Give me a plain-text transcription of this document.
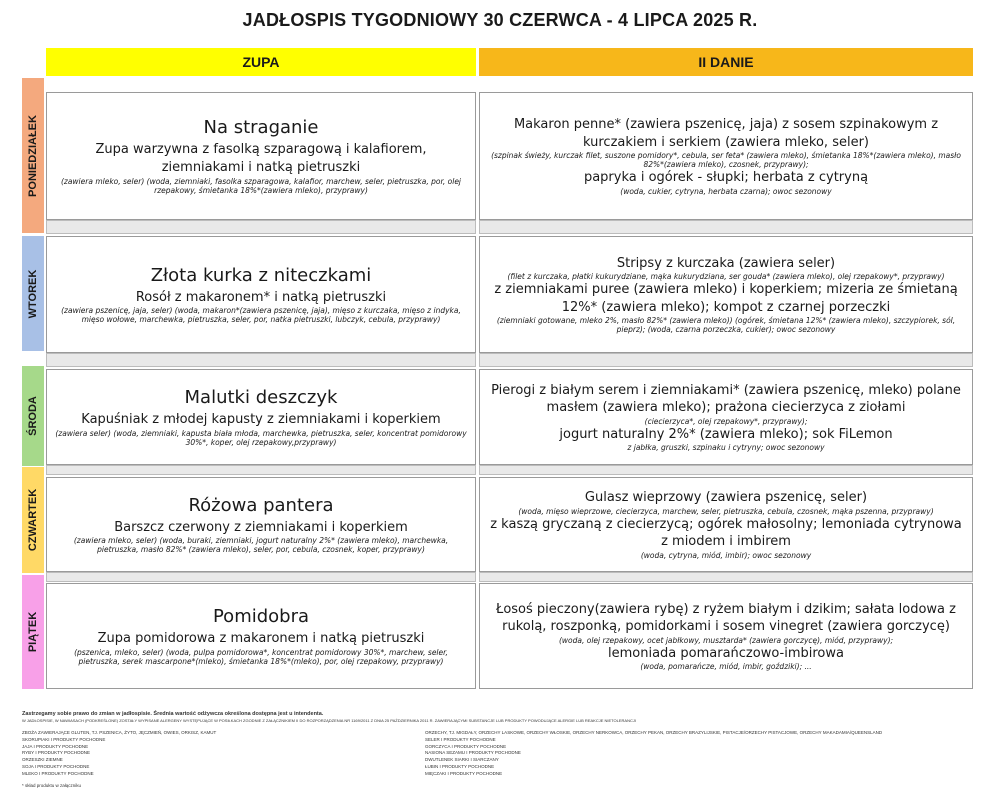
JADŁOSPIS TYGODNIOWY 30 CZERWCA - 4 LIPCA 2025 R.
ZUPA	II DANIE
PONIEDZIAŁEK
WTOREK
ŚRODA
CZWARTEK
PIĄTEK
Na straganie
Zupa warzywna z fasolką szparagową i kalafiorem, ziemniakami i natką pietruszki
(zawiera mleko, seler) (woda, ziemniaki, fasolka szparagowa, kalafior, marchew, seler, pietruszka, por, olej rzepakowy, śmietanka 18%*(zawiera mleko), przyprawy)
Makaron penne* (zawiera pszenicę, jaja) z sosem szpinakowym z kurczakiem i serkiem (zawiera mleko, seler)
(szpinak świeży, kurczak filet, suszone pomidory*, cebula, ser feta* (zawiera mleko), śmietanka 18%*(zawiera mleko), masło 82%*(zawiera mleko), czosnek, przyprawy);
papryka i ogórek - słupki; herbata z cytryną
(woda, cukier, cytryna, herbata czarna); owoc sezonowy
Złota kurka z niteczkami
Rosół z makaronem* i natką pietruszki
(zawiera pszenicę, jaja, seler) (woda, makaron*(zawiera pszenicę, jaja), mięso z kurczaka, mięso z indyka, mięso wołowe, marchewka, pietruszka, seler, por, natka pietruszki, lubczyk, cebula, przyprawy)
Stripsy z kurczaka (zawiera seler)
(filet z kurczaka, płatki kukurydziane, mąka kukurydziana, ser gouda* (zawiera mleko), olej rzepakowy*, przyprawy)
z ziemniakami puree (zawiera mleko) i koperkiem; mizeria ze śmietaną 12%* (zawiera mleko); kompot z czarnej porzeczki
(ziemniaki gotowane, mleko 2%, masło 82%* (zawiera mleko)) (ogórek, śmietana 12%* (zawiera mleko), szczypiorek, sól, pieprz); (woda, czarna porzeczka, cukier); owoc sezonowy
Malutki deszczyk
Kapuśniak z młodej kapusty z ziemniakami i koperkiem
(zawiera seler) (woda, ziemniaki, kapusta biała młoda, marchewka, pietruszka, seler, koncentrat pomidorowy 30%*, koper, olej rzepakowy,przyprawy)
Pierogi z białym serem i ziemniakami* (zawiera pszenicę, mleko) polane masłem (zawiera mleko); prażona ciecierzyca z ziołami
(ciecierzyca*, olej rzepakowy*, przyprawy);
jogurt naturalny 2%* (zawiera mleko); sok FiLemon
z jabłka, gruszki, szpinaku i cytryny; owoc sezonowy
Różowa pantera
Barszcz czerwony z ziemniakami i koperkiem
(zawiera mleko, seler) (woda, buraki, ziemniaki, jogurt naturalny 2%* (zawiera mleko), marchewka, pietruszka, masło 82%* (zawiera mleko), seler, por, cebula, czosnek, koper, przyprawy)
Gulasz wieprzowy (zawiera pszenicę, seler)
(woda, mięso wieprzowe, ciecierzyca, marchew, seler, pietruszka, cebula, czosnek, mąka pszenna, przyprawy)
z kaszą gryczaną z ciecierzycą; ogórek małosolny; lemoniada cytrynowa z miodem i imbirem
(woda, cytryna, miód, imbir); owoc sezonowy
Pomidobra
Zupa pomidorowa z makaronem i natką pietruszki
(pszenica, mleko, seler) (woda, pulpa pomidorowa*, koncentrat pomidorowy 30%*, marchew, seler, pietruszka, serek mascarpone*(mleko), śmietanka 18%*(mleko), por, olej rzepakowy, przyprawy)
Łosoś pieczony(zawiera rybę) z ryżem białym i dzikim; sałata lodowa z rukolą, roszponką, pomidorkami i sosem vinegret (zawiera gorczycę)
(woda, olej rzepakowy, ocet jabłkowy, musztarda* (zawiera gorczycę), miód, przyprawy);
lemoniada pomarańczowo-imbirowa
(woda, pomarańcze, miód, imbir, goździki); ...
Zastrzegamy sobie prawo do zmian w jadłospisie. Średnia wartość odżywcza określona dostępna jest u intendenta.
W JADŁOSPISIE, W NAWIASACH (PODKREŚLONE) ZOSTAŁY WYPISANE ALERGENY WYSTĘPUJĄCE W POSIŁKACH ZGODNIE Z ZAŁĄCZNIKIEM II DO ROZPORZĄDZENIA NR 1169/2011 Z DNIA 25 PAŹDZIERNIKA 2011 R. ZAWIERAJĄCYMI SUBSTANCJE LUB PRODUKTY POWODUJĄCE ALERGIE LUB REAKCJE NIETOLERANCJI
ZBOŻA ZAWIERAJĄCE GLUTEN, TJ. PSZENICA, ŻYTO, JĘCZMIEŃ, OWIES, ORKISZ, KAMUT
SKORUPIAKI I PRODUKTY POCHODNE
JAJA I PRODUKTY POCHODNE
RYBY I PRODUKTY POCHODNE
ORZESZKI ZIEMNE
SOJA I PRODUKTY POCHODNE
MLEKO I PRODUKTY POCHODNE
ORZECHY, TJ. MIGDAŁY, ORZECHY LASKOWE, ORZECHY WŁOSKIE, ORZECHY NERKOWCA, ORZECHY PEKAN, ORZECHY BRAZYLIJSKIE, PISTACJE/ORZECHY PISTACJOWE, ORZECHY MAKADAMIA/QUEENSLAND
SELER I PRODUKTY POCHODNE
GORCZYCA I PRODUKTY POCHODNE
NASIONA SEZAMU I PRODUKTY POCHODNE
DWUTLENEK SIARKI I SIARCZANY
ŁUBIN I PRODUKTY POCHODNE
MIĘCZAKI I PRODUKTY POCHODNE
* skład produktu w załączniku
